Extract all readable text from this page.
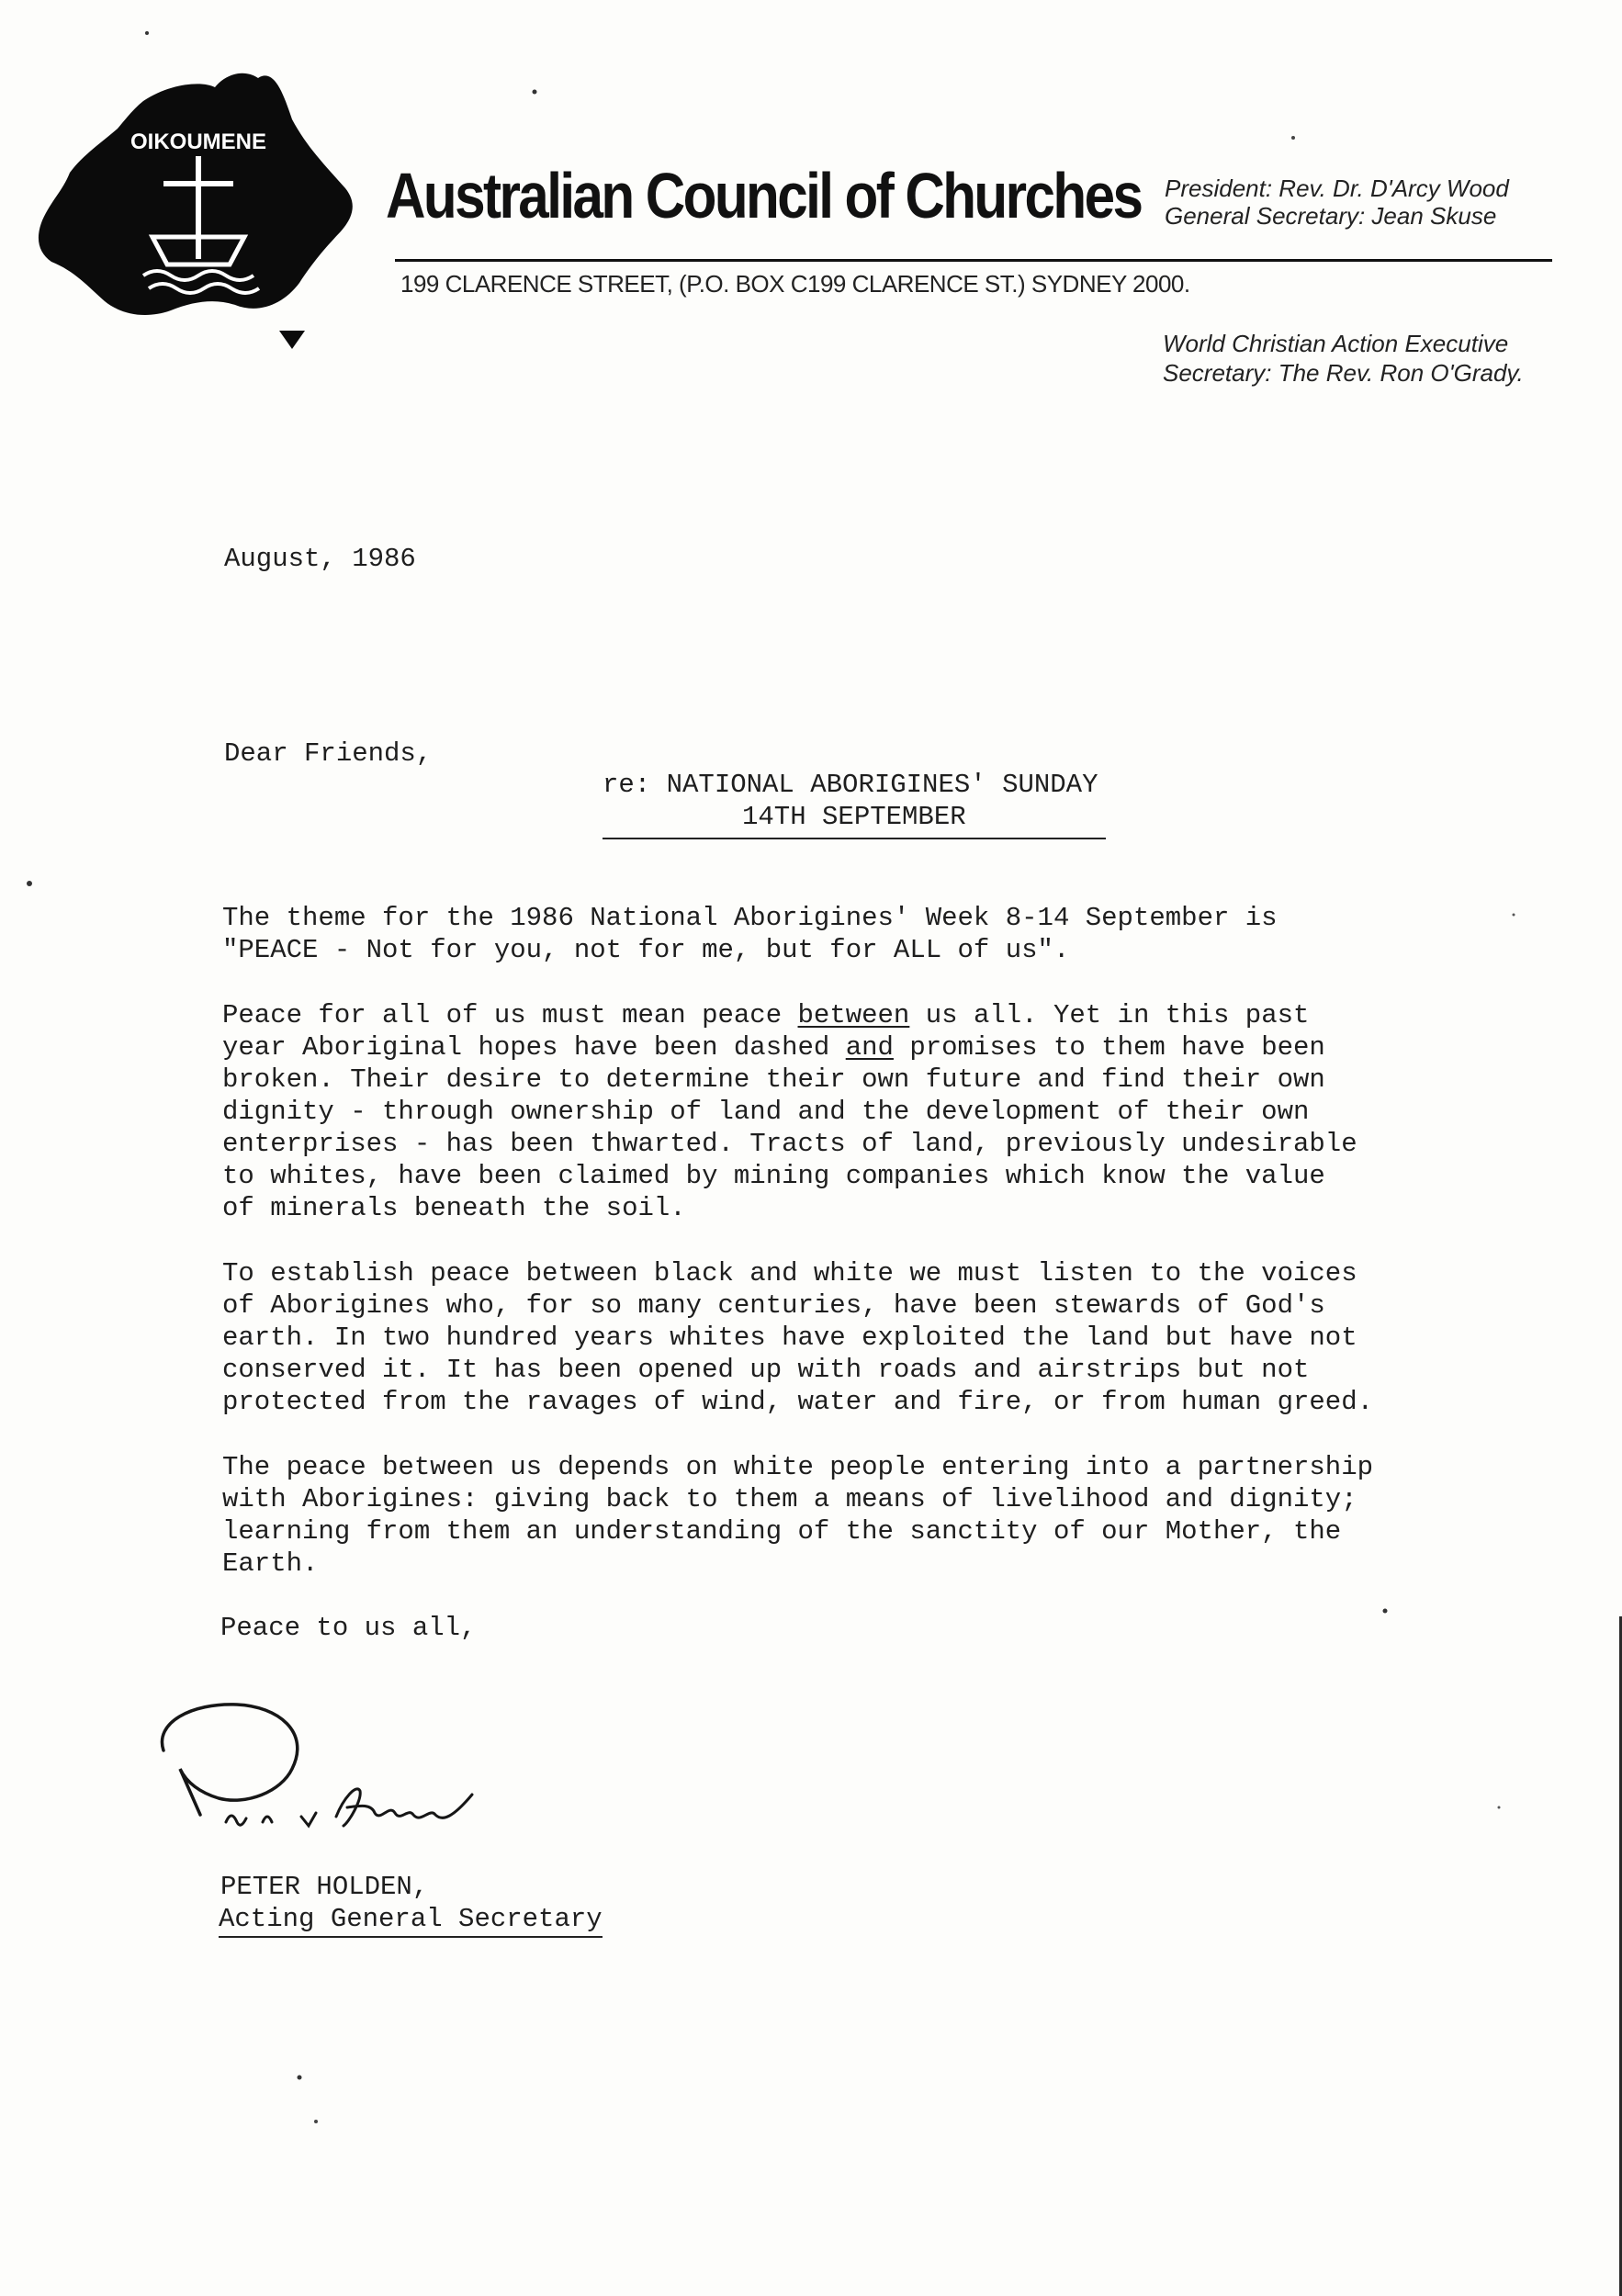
OIKOUMENE
Australian Council of Churches President: Rev. Dr. D'Arcy Wood
General Secretary: Jean Skuse
199 CLARENCE STREET, (P.O. BOX C199 CLARENCE ST.) SYDNEY 2000.
World Christian Action Executive
Secretary: The Rev. Ron O'Grady.
August, 1986
Dear Friends,
re: NATIONAL ABORIGINES' SUNDAY
14TH SEPTEMBER

The theme for the 1986 National Aborigines' Week 8-14 September is
"PEACE - Not for you, not for me, but for ALL of us".

Peace for all of us must mean peace between us all. Yet in this past
year Aboriginal hopes have been dashed and promises to them have been
broken. Their desire to determine their own future and find their own
dignity - through ownership of land and the development of their own
enterprises - has been thwarted. Tracts of land, previously undesirable
to whites, have been claimed by mining companies which know the value
of minerals beneath the soil.

To establish peace between black and white we must listen to the voices
of Aborigines who, for so many centuries, have been stewards of God's
earth. In two hundred years whites have exploited the land but have not
conserved it. It has been opened up with roads and airstrips but not
protected from the ravages of wind, water and fire, or from human greed.

The peace between us depends on white people entering into a partnership
with Aborigines: giving back to them a means of livelihood and dignity;
learning from them an understanding of the sanctity of our Mother, the
Earth.

Peace to us all,
PETER HOLDEN,
Acting General Secretary
